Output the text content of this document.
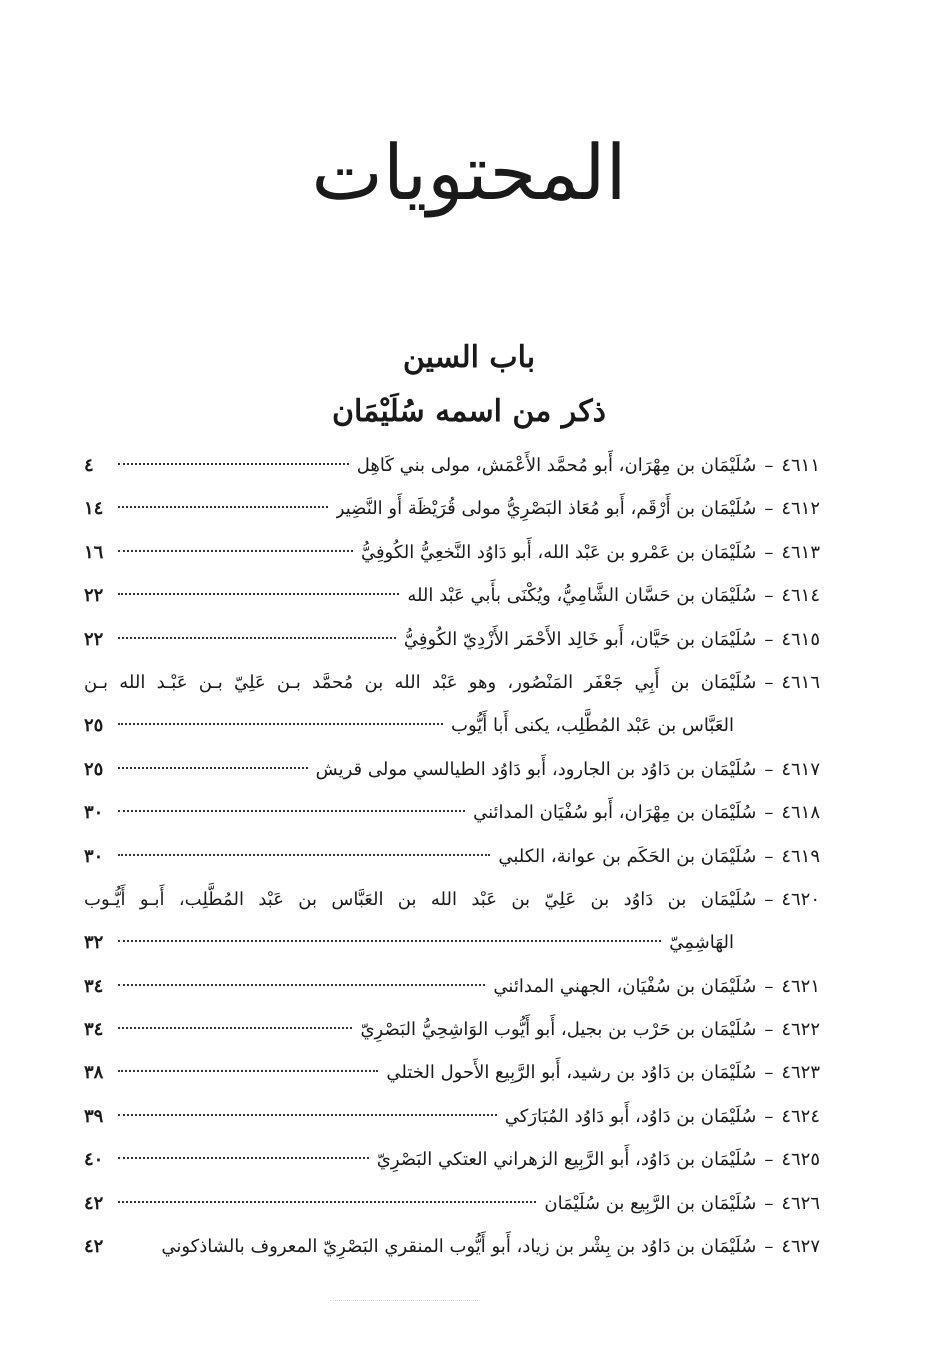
المحتويات
باب السين
ذكر من اسمه سُلَيْمَان
٤٦١١
–
سُلَيْمَان بن مِهْرَان، أَبو مُحمَّد الأَعْمَش، مولى بني كَاهِل
٤
٤٦١٢
–
سُلَيْمَان بن أَرْقَم، أَبو مُعَاذ البَصْرِيُّ مولى قُرَيْظَة أَو النَّضِير
١٤
٤٦١٣
–
سُلَيْمَان بن عَمْرو بن عَبْد الله، أَبو دَاوُد النَّخعِيُّ الكُوفِيُّ
١٦
٤٦١٤
–
سُلَيْمَان بن حَسَّان الشَّامِيُّ، ويُكْنَى بأَبي عَبْد الله
٢٢
٤٦١٥
–
سُلَيْمَان بن حَيَّان، أَبو خَالِد الأَحْمَر الأَزْدِيّ الكُوفِيُّ
٢٢
٤٦١٦
–
سُلَيْمَان بن أَبِي جَعْفَر المَنْصُور، وهو عَبْد الله بن مُحمَّد بـن عَلِيّ بـن عَبْـد الله بـن
العَبَّاس بن عَبْد المُطَّلِب، يكنى أَبا أَيُّوب
٢٥
٤٦١٧
–
سُلَيْمَان بن دَاوُد بن الجارود، أَبو دَاوُد الطيالسي مولى قريش
٢٥
٤٦١٨
–
سُلَيْمَان بن مِهْرَان، أَبو سُفْيَان المدائني
٣٠
٤٦١٩
–
سُلَيْمَان بن الحَكَم بن عوانة، الكلبي
٣٠
٤٦٢٠
–
سُلَيْمَان بن دَاوُد بن عَلِيّ بن عَبْد الله بن العَبَّاس بن عَبْد المُطَّلِب، أَبـو أَيُّـوب
الهَاشِمِيّ
٣٢
٤٦٢١
–
سُلَيْمَان بن سُفْيَان، الجهني المدائني
٣٤
٤٦٢٢
–
سُلَيْمَان بن حَرْب بن بجيل، أَبو أَيُّوب الوَاشِحِيُّ البَصْرِيّ
٣٤
٤٦٢٣
–
سُلَيْمَان بن دَاوُد بن رشيد، أَبو الرَّبِيع الأَحول الختلي
٣٨
٤٦٢٤
–
سُلَيْمَان بن دَاوُد، أَبو دَاوُد المُبَارَكي
٣٩
٤٦٢٥
–
سُلَيْمَان بن دَاوُد، أَبو الرَّبِيع الزهراني العتكي البَصْرِيّ
٤٠
٤٦٢٦
–
سُلَيْمَان بن الرَّبِيع بن سُلَيْمَان
٤٢
٤٦٢٧
–
سُلَيْمَان بن دَاوُد بن بِشْر بن زياد، أَبو أَيُّوب المنقري البَصْرِيّ المعروف بالشاذكوني
٤٢
